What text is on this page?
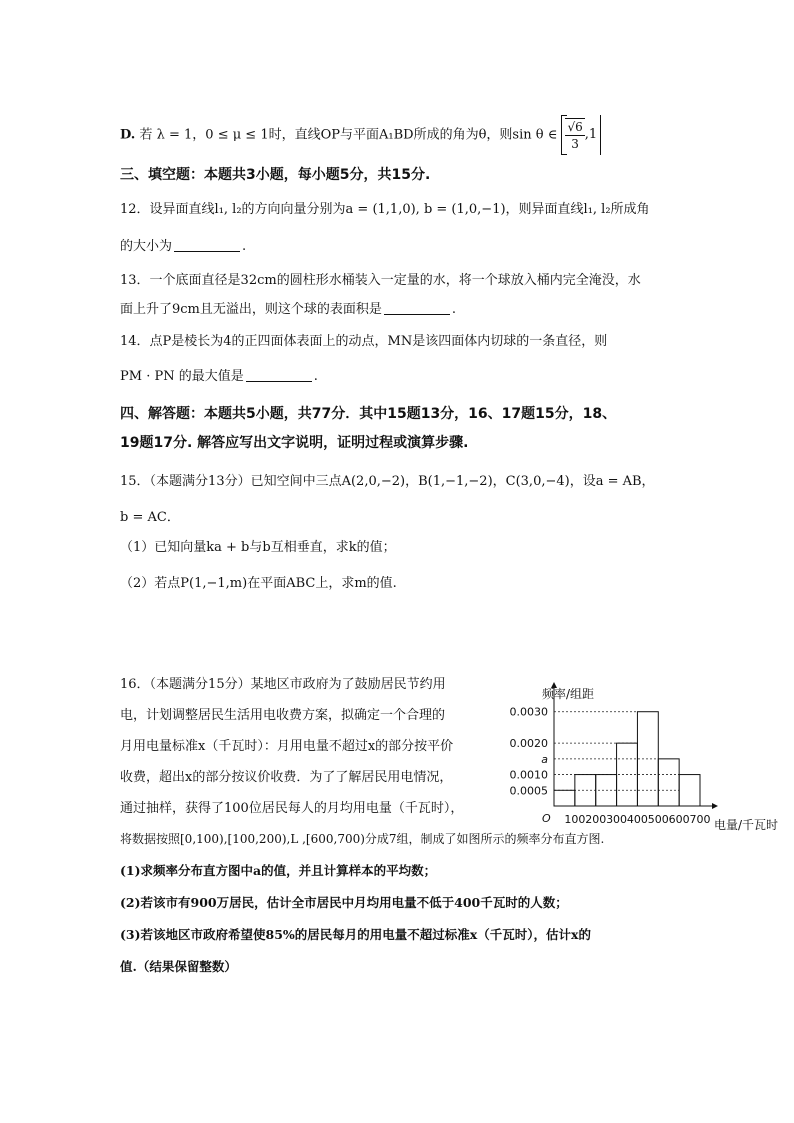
D. 若 λ = 1，0 ≤ μ ≤ 1时，直线OP与平面A₁BD所成的角为θ，则sin θ ∈ $\frac{√6}{3} ,1$
三、填空题：本题共3小题，每小题5分，共15分.
12．设异面直线l₁, l₂的方向向量分别为a = (1,1,0), b = (1,0,−1)，则异面直线l₁, l₂所成角
的大小为	.
13．一个底面直径是32cm的圆柱形水桶装入一定量的水，将一个球放入桶内完全淹没，水
面上升了9cm且无溢出，则这个球的表面积是	.
14．点P是棱长为4的正四面体表面上的动点，MN是该四面体内切球的一条直径，则
PM · PN 的最大值是	.
四、解答题：本题共5小题，共77分．其中15题13分，16、17题15分，18、
19题17分. 解答应写出文字说明，证明过程或演算步骤.
15．（本题满分13分）已知空间中三点A(2,0,−2)，B(1,−1,−2)，C(3,0,−4)，设a = AB，
b = AC．
（1）已知向量ka + b与b互相垂直，求k的值；
（2）若点P(1,−1,m)在平面ABC上，求m的值.
16．（本题满分15分）某地区市政府为了鼓励居民节约用
电，计划调整居民生活用电收费方案，拟确定一个合理的
月用电量标准x（千瓦时）：月用电量不超过x的部分按平价
收费，超出x的部分按议价收费．为了了解居民用电情况，
通过抽样，获得了100位居民每人的月均用电量（千瓦时），
将数据按照[0,100),[100,200),L ,[600,700)分成7组，制成了如图所示的频率分布直方图.
(1)求频率分布直方图中a的值，并且计算样本的平均数；
(2)若该市有900万居民，估计全市居民中月均用电量不低于400千瓦时的人数；
(3)若该地区市政府希望使85%的居民每月的用电量不超过标准x（千瓦时），估计x的
值.（结果保留整数）
0.0005
0.0010
a
0.0020
0.0030
100 200 300 400 500 600 700
O
频率/组距
电量/千瓦时
